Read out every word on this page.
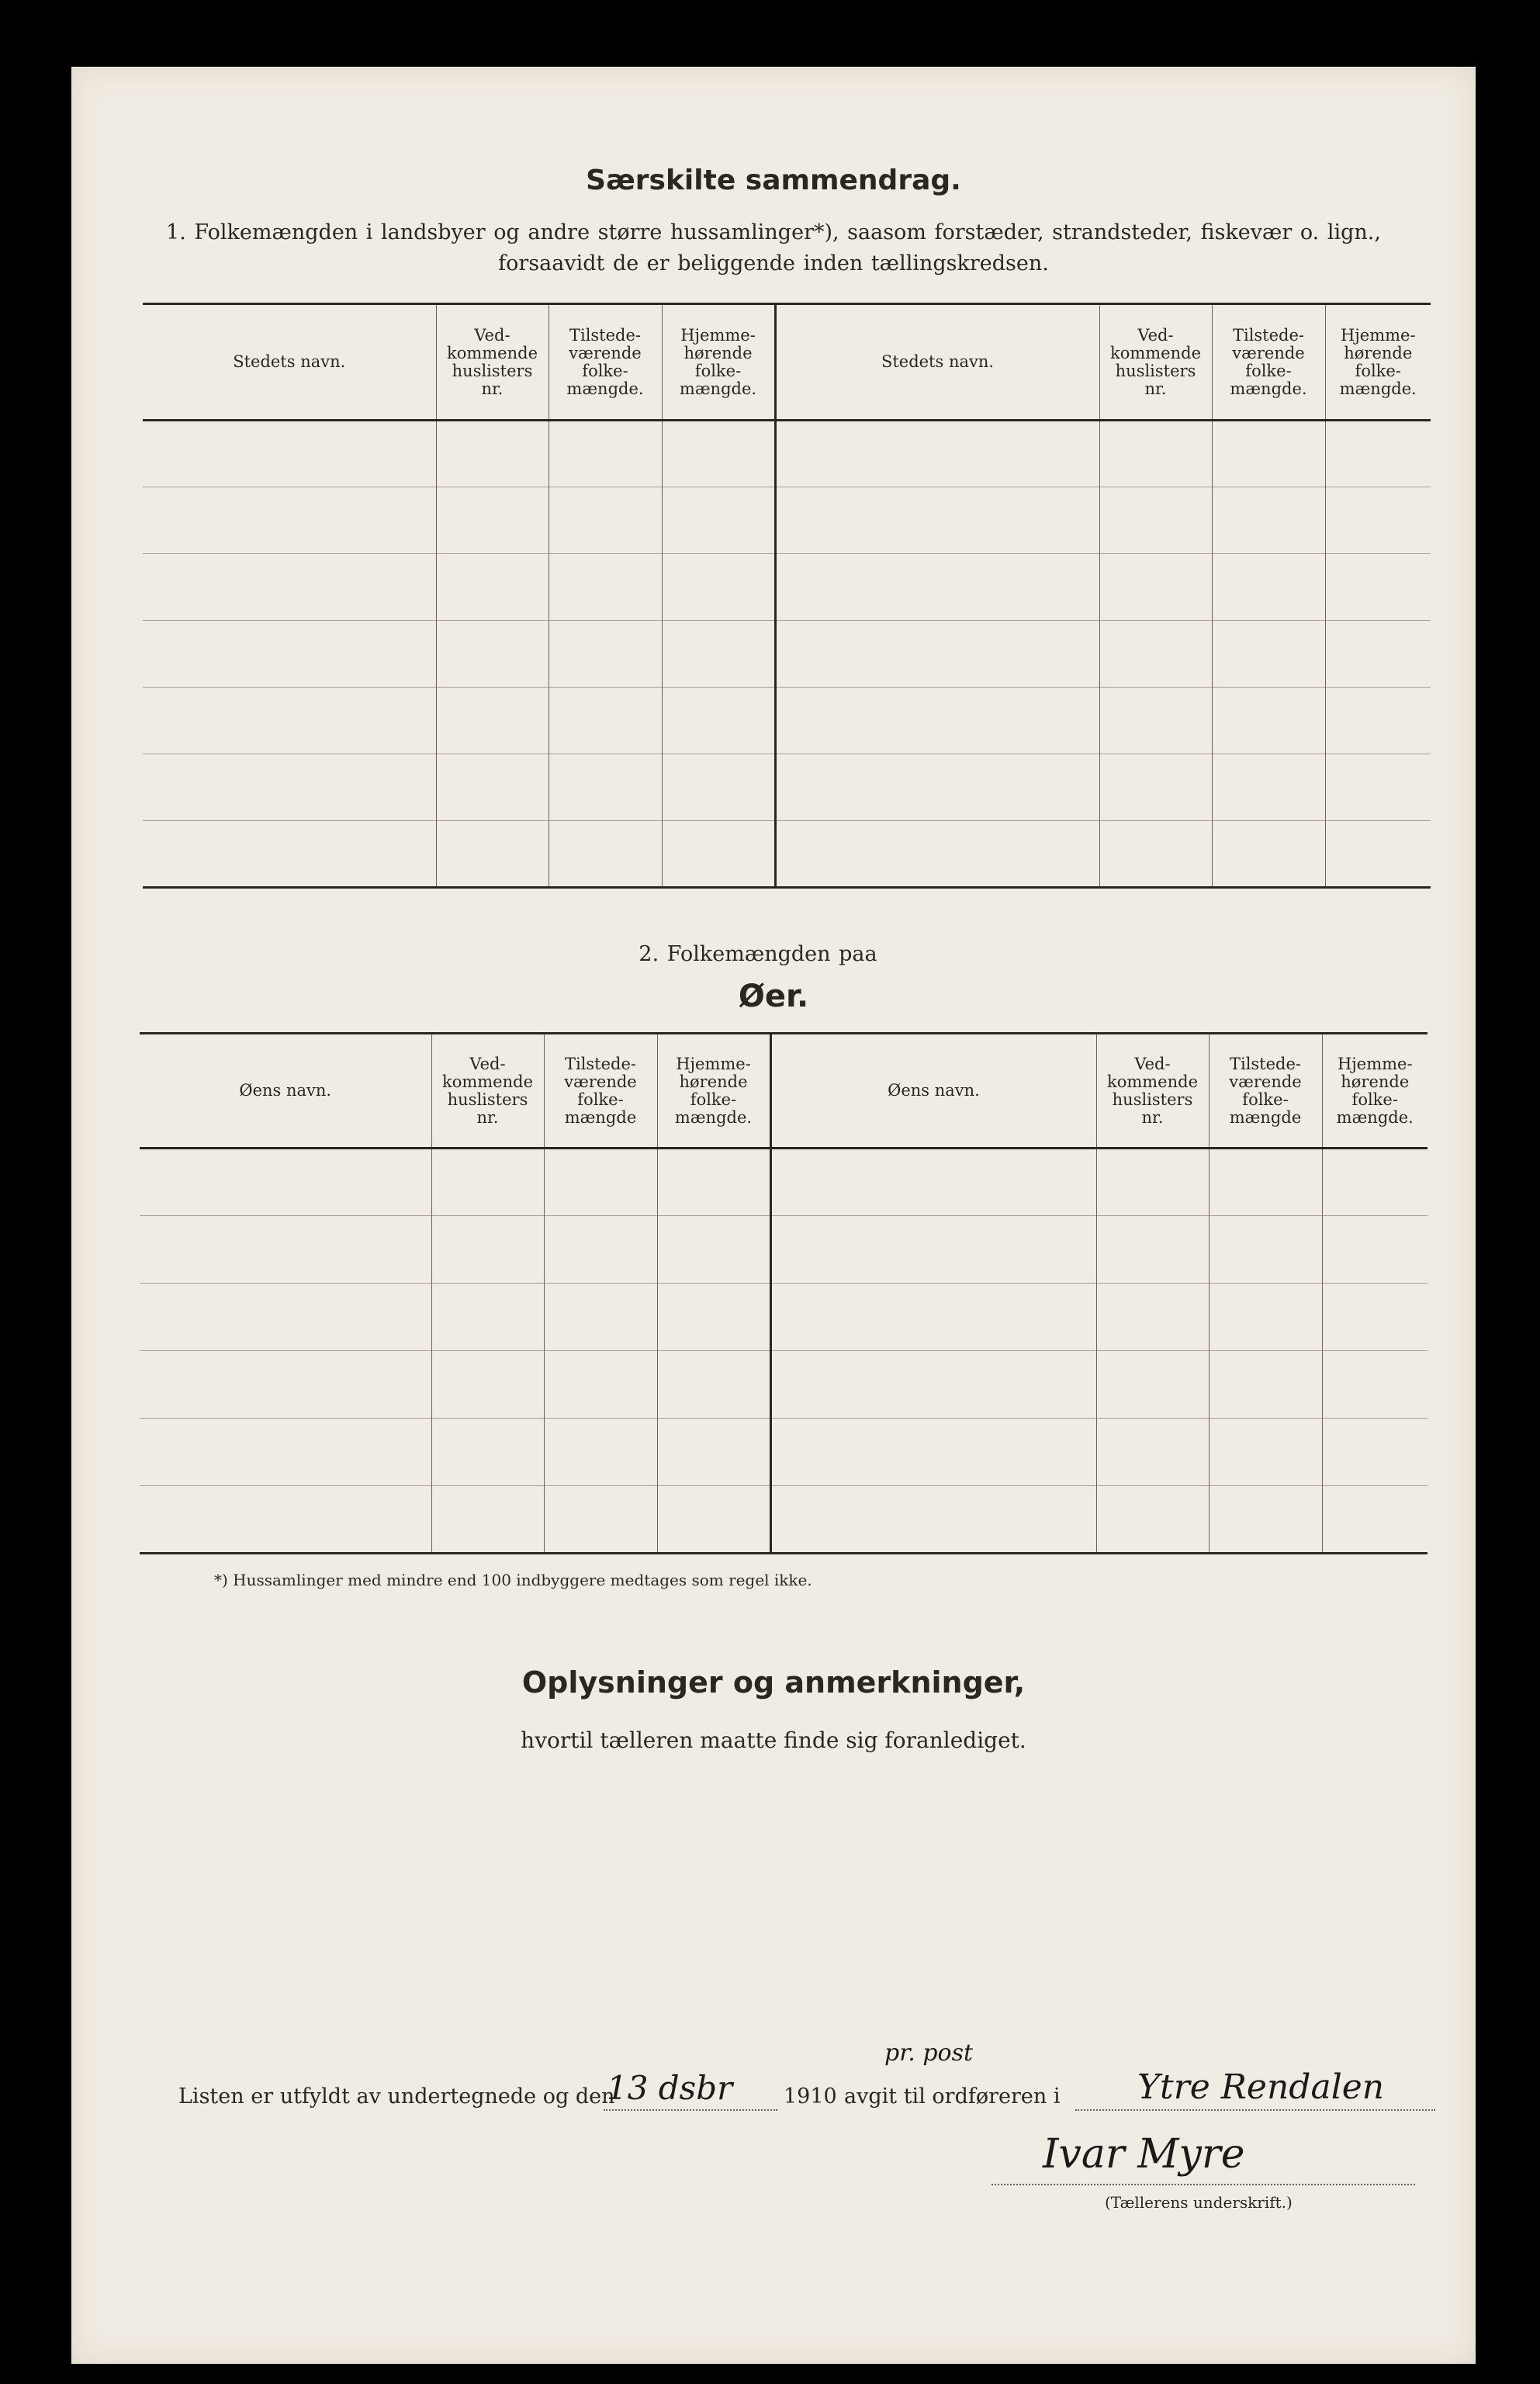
Særskilte sammendrag.
1. Folkemængden i landsbyer og andre større hussamlinger*), saasom forstæder, strandsteder, fiskevær o. lign.,
forsaavidt de er beliggende inden tællingskredsen.
Stedets navn.	Ved-
kommende
huslisters
nr.	Tilstede-
værende
folke-
mængde.	Hjemme-
hørende
folke-
mængde.	Stedets navn.	Ved-
kommende
huslisters
nr.	Tilstede-
værende
folke-
mængde.	Hjemme-
hørende
folke-
mængde.

2. Folkemængden paa
Øer.
Øens navn.	Ved-
kommende
huslisters
nr.	Tilstede-
værende
folke-
mængde	Hjemme-
hørende
folke-
mængde.	Øens navn.	Ved-
kommende
huslisters
nr.	Tilstede-
værende
folke-
mængde	Hjemme-
hørende
folke-
mængde.

*) Hussamlinger med mindre end 100 indbyggere medtages som regel ikke.
Oplysninger og anmerkninger,
hvortil tælleren maatte finde sig foranlediget.
Listen er utfyldt av undertegnede og den
13 dsbr 1910
pr. post
avgit til ordføreren i Ytre Rendalen
Ivar Myre
(Tællerens underskrift.)
